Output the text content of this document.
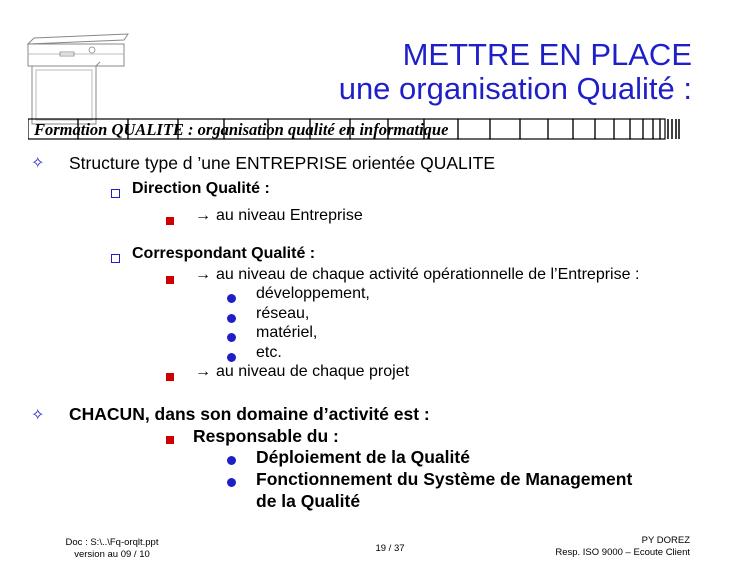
METTRE EN PLACE
une organisation Qualité :
Formation QUALITE : organisation qualité en informatique
✧ Structure type d ’une ENTREPRISE orientée QUALITE
Direction Qualité :
→ au niveau Entreprise
Correspondant Qualité :
→ au niveau de chaque activité opérationnelle de l’Entreprise :
développement,
réseau,
matériel,
etc.
→ au niveau de chaque projet
✧ CHACUN, dans son domaine d’activité est :
Responsable du :
Déploiement de la Qualité
Fonctionnement du Système de Management
de la Qualité
Doc : S:\..\Fq-orqlt.ppt
version au 09 / 10
19 / 37
PY DOREZ
Resp. ISO 9000 – Ecoute Client
